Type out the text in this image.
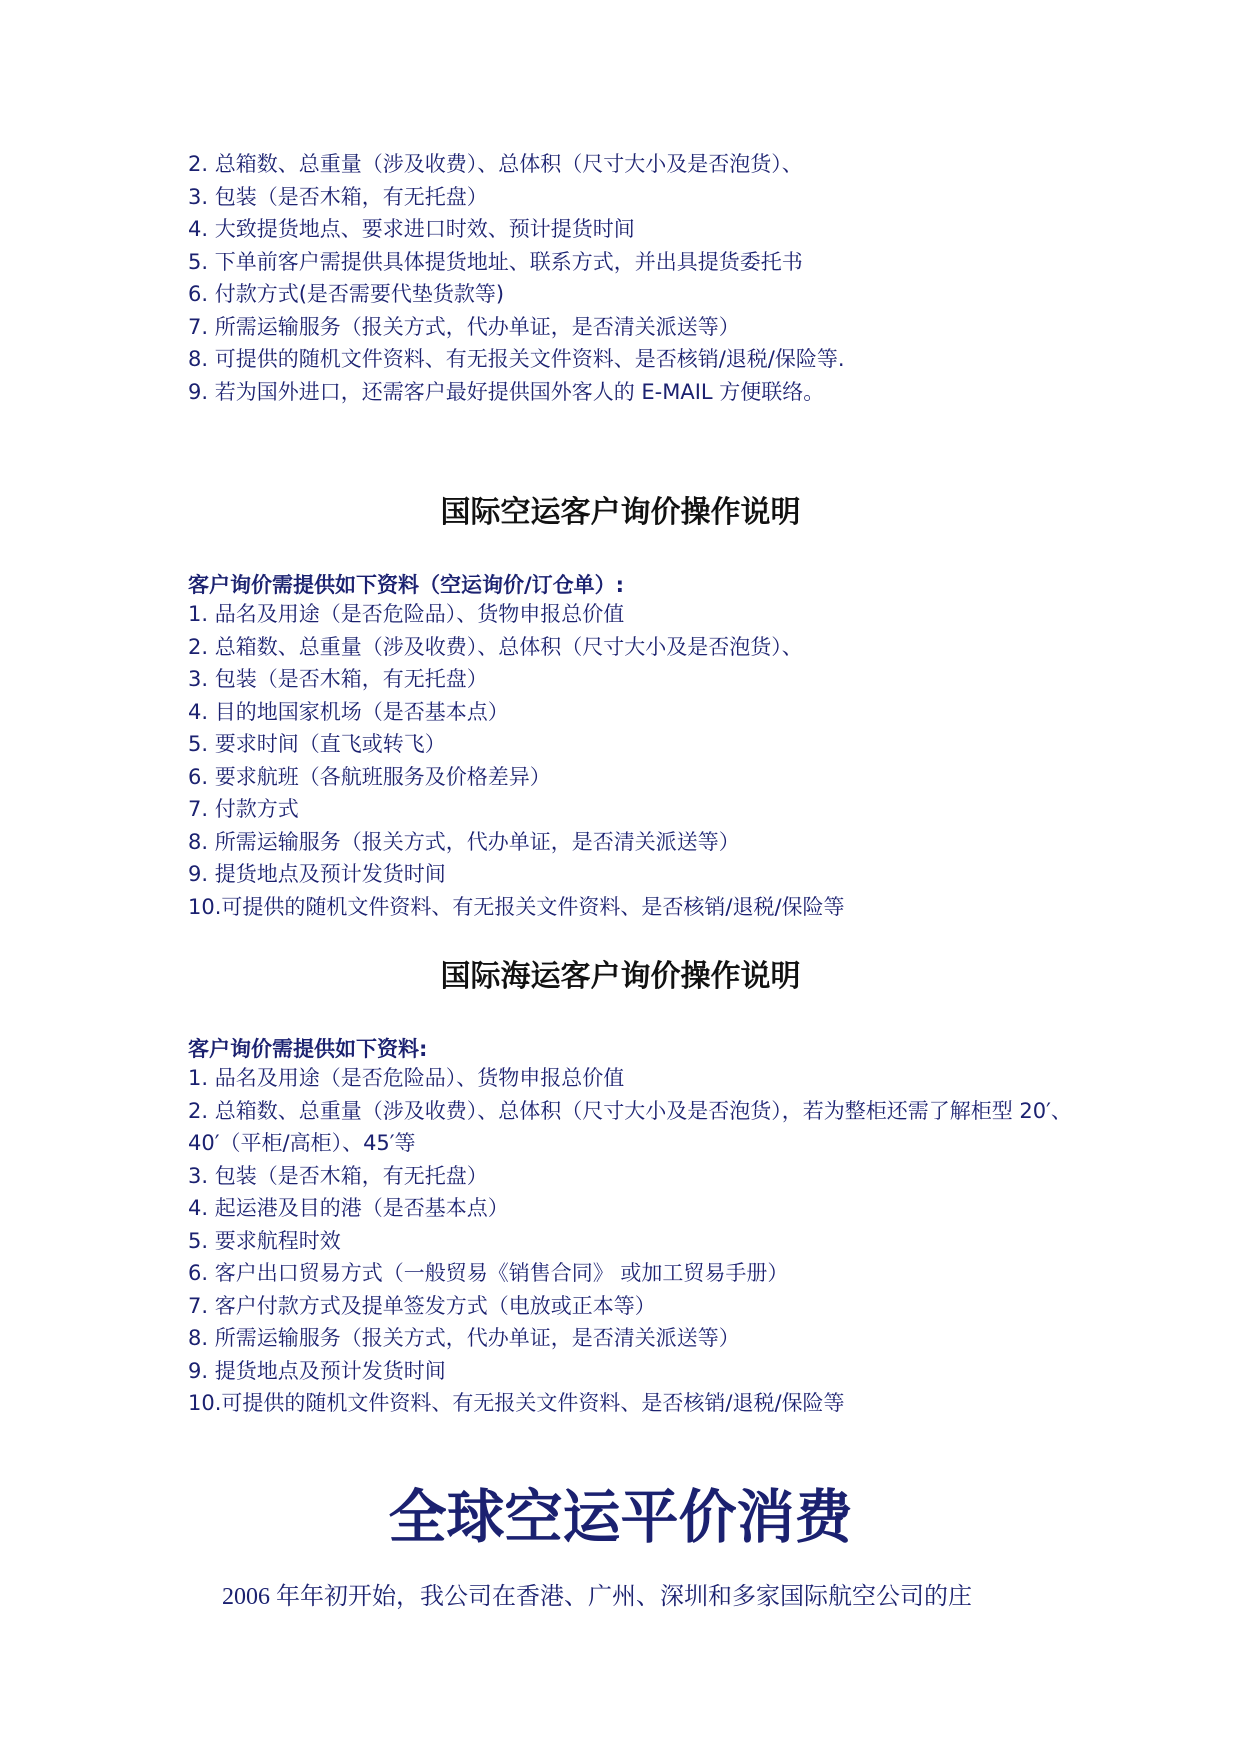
2. 总箱数、总重量（涉及收费）、总体积（尺寸大小及是否泡货）、
3. 包装（是否木箱，有无托盘）
4. 大致提货地点、要求进口时效、预计提货时间
5. 下单前客户需提供具体提货地址、联系方式，并出具提货委托书
6. 付款方式(是否需要代垫货款等)
7. 所需运输服务（报关方式，代办单证，是否清关派送等）
8. 可提供的随机文件资料、有无报关文件资料、是否核销/退税/保险等.
9. 若为国外进口，还需客户最好提供国外客人的 E-MAIL 方便联络。
国际空运客户询价操作说明

客户询价需提供如下资料（空运询价/订仓单）:

1. 品名及用途（是否危险品）、货物申报总价值
2. 总箱数、总重量（涉及收费）、总体积（尺寸大小及是否泡货）、
3. 包装（是否木箱，有无托盘）
4. 目的地国家机场（是否基本点）
5. 要求时间（直飞或转飞）
6. 要求航班（各航班服务及价格差异）
7. 付款方式
8. 所需运输服务（报关方式，代办单证，是否清关派送等）
9. 提货地点及预计发货时间
10.可提供的随机文件资料、有无报关文件资料、是否核销/退税/保险等
国际海运客户询价操作说明

客户询价需提供如下资料:

1. 品名及用途（是否危险品）、货物申报总价值
2. 总箱数、总重量（涉及收费）、总体积（尺寸大小及是否泡货），若为整柜还需了解柜型 20′、40′（平柜/高柜）、45′等
3. 包装（是否木箱，有无托盘）
4. 起运港及目的港（是否基本点）
5. 要求航程时效
6. 客户出口贸易方式（一般贸易《销售合同》 或加工贸易手册）
7. 客户付款方式及提单签发方式（电放或正本等）
8. 所需运输服务（报关方式，代办单证，是否清关派送等）
9. 提货地点及预计发货时间
10.可提供的随机文件资料、有无报关文件资料、是否核销/退税/保险等
全球空运平价消费

2006 年年初开始，我公司在香港、广州、深圳和多家国际航空公司的庄
